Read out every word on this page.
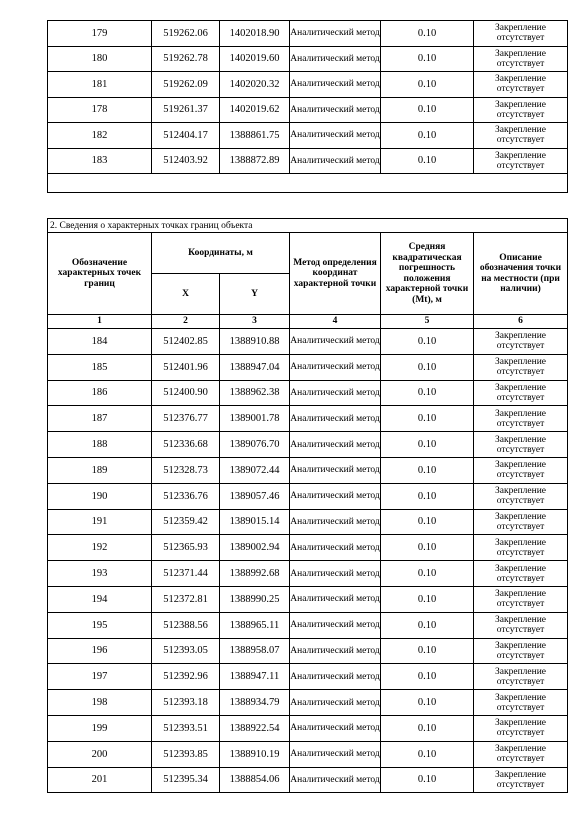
179	519262.06	1402018.90	Аналитический метод	0.10	Закрепление отсутствует
180	519262.78	1402019.60	Аналитический метод	0.10	Закрепление отсутствует
181	519262.09	1402020.32	Аналитический метод	0.10	Закрепление отсутствует
178	519261.37	1402019.62	Аналитический метод	0.10	Закрепление отсутствует
182	512404.17	1388861.75	Аналитический метод	0.10	Закрепление отсутствует
183	512403.92	1388872.89	Аналитический метод	0.10	Закрепление отсутствует

2. Сведения о характерных точках границ объекта					
Обозначение характерных точек границ	Координаты, м		Метод определения координат характерной точки	Средняя квадратическая погрешность положения характерной точки (Mt), м	Описание обозначения точки на местности (при наличии)
	X	Y			
1	2	3	4	5	6
184	512402.85	1388910.88	Аналитический метод	0.10	Закрепление отсутствует
185	512401.96	1388947.04	Аналитический метод	0.10	Закрепление отсутствует
186	512400.90	1388962.38	Аналитический метод	0.10	Закрепление отсутствует
187	512376.77	1389001.78	Аналитический метод	0.10	Закрепление отсутствует
188	512336.68	1389076.70	Аналитический метод	0.10	Закрепление отсутствует
189	512328.73	1389072.44	Аналитический метод	0.10	Закрепление отсутствует
190	512336.76	1389057.46	Аналитический метод	0.10	Закрепление отсутствует
191	512359.42	1389015.14	Аналитический метод	0.10	Закрепление отсутствует
192	512365.93	1389002.94	Аналитический метод	0.10	Закрепление отсутствует
193	512371.44	1388992.68	Аналитический метод	0.10	Закрепление отсутствует
194	512372.81	1388990.25	Аналитический метод	0.10	Закрепление отсутствует
195	512388.56	1388965.11	Аналитический метод	0.10	Закрепление отсутствует
196	512393.05	1388958.07	Аналитический метод	0.10	Закрепление отсутствует
197	512392.96	1388947.11	Аналитический метод	0.10	Закрепление отсутствует
198	512393.18	1388934.79	Аналитический метод	0.10	Закрепление отсутствует
199	512393.51	1388922.54	Аналитический метод	0.10	Закрепление отсутствует
200	512393.85	1388910.19	Аналитический метод	0.10	Закрепление отсутствует
201	512395.34	1388854.06	Аналитический метод	0.10	Закрепление отсутствует
